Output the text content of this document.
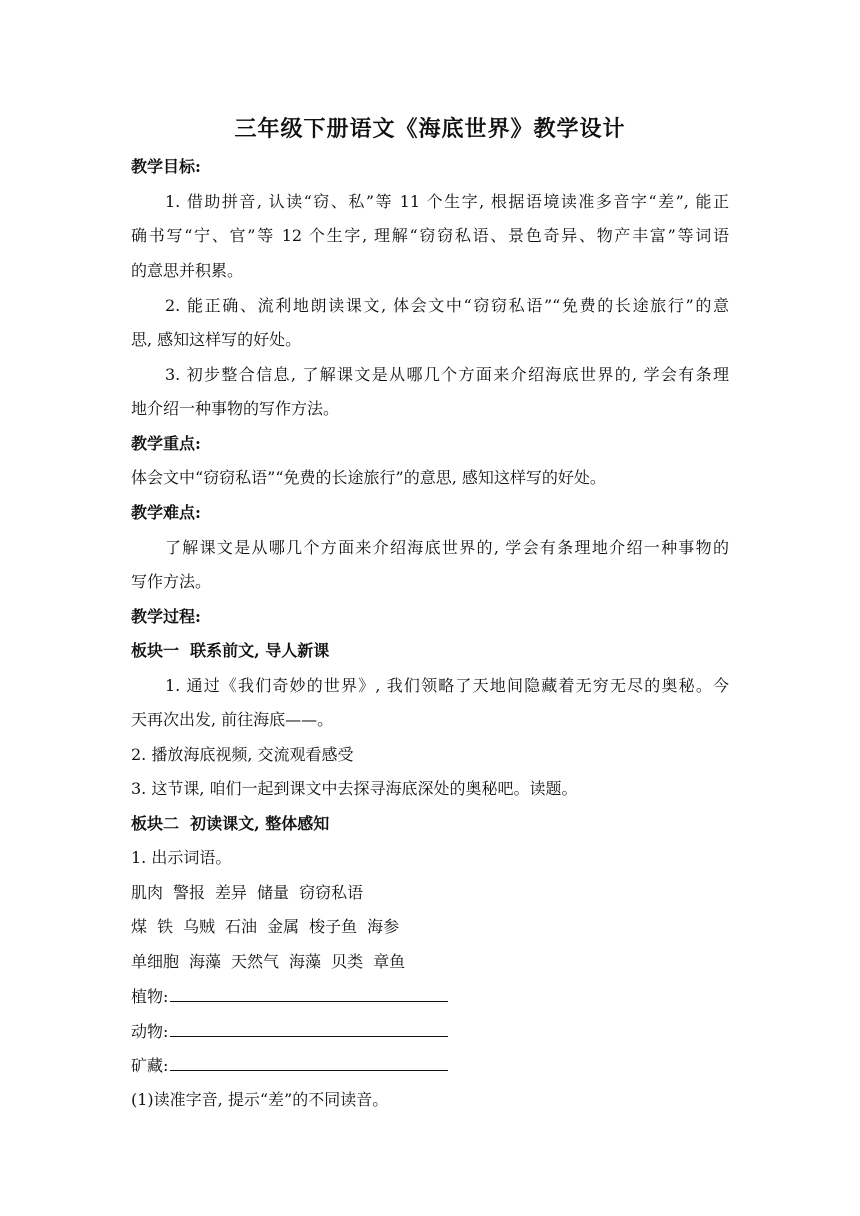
三年级下册语文《海底世界》教学设计
教学目标:
1. 借助拼音, 认读“窃、私”等 11 个生字, 根据语境读准多音字“差”, 能正
确书写“宁、官”等 12 个生字, 理解“窃窃私语、景色奇异、物产丰富”等词语
的意思并积累。
2. 能正确、流利地朗读课文, 体会文中“窃窃私语”“免费的长途旅行”的意
思, 感知这样写的好处。
3. 初步整合信息, 了解课文是从哪几个方面来介绍海底世界的, 学会有条理
地介绍一种事物的写作方法。
教学重点:
体会文中“窃窃私语”“免费的长途旅行”的意思, 感知这样写的好处。
教学难点:
了解课文是从哪几个方面来介绍海底世界的, 学会有条理地介绍一种事物的
写作方法。
教学过程:
板块一  联系前文, 导人新课
1. 通过《我们奇妙的世界》, 我们领略了天地间隐藏着无穷无尽的奥秘。今
天再次出发, 前往海底——。
2. 播放海底视频, 交流观看感受
3. 这节课, 咱们一起到课文中去探寻海底深处的奥秘吧。读题。
板块二  初读课文, 整体感知
1. 出示词语。
肌肉 警报 差异 储量 窃窃私语
煤 铁 乌贼 石油 金属 梭子鱼 海参
单细胞 海藻 天然气 海藻 贝类 章鱼
植物:
动物:
矿藏:
(1)读准字音, 提示“差”的不同读音。
